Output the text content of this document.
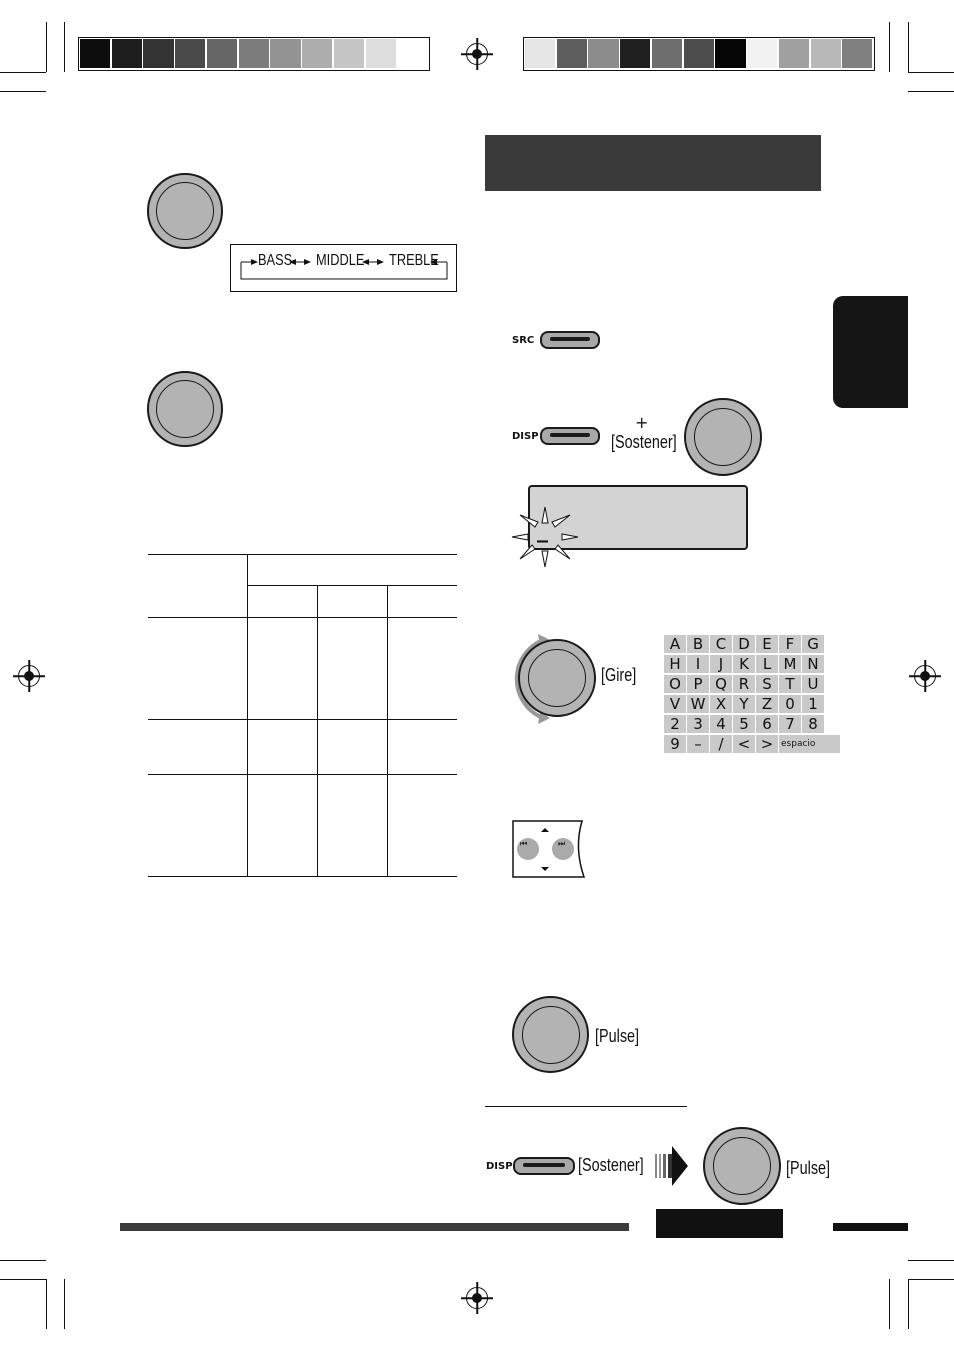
BASS MIDDLE TREBLE
SRC
DISP
+
[Sostener]
_
[Gire]
A B C D E F G
H	I	J	K L M N
O P Q R S T U
V W X Y Z 0 1
2 3 4 5 6 7 8
9 –	/ < > espacio
⏮	⏭
[Pulse]
DISP	[Sostener]	[Pulse]
